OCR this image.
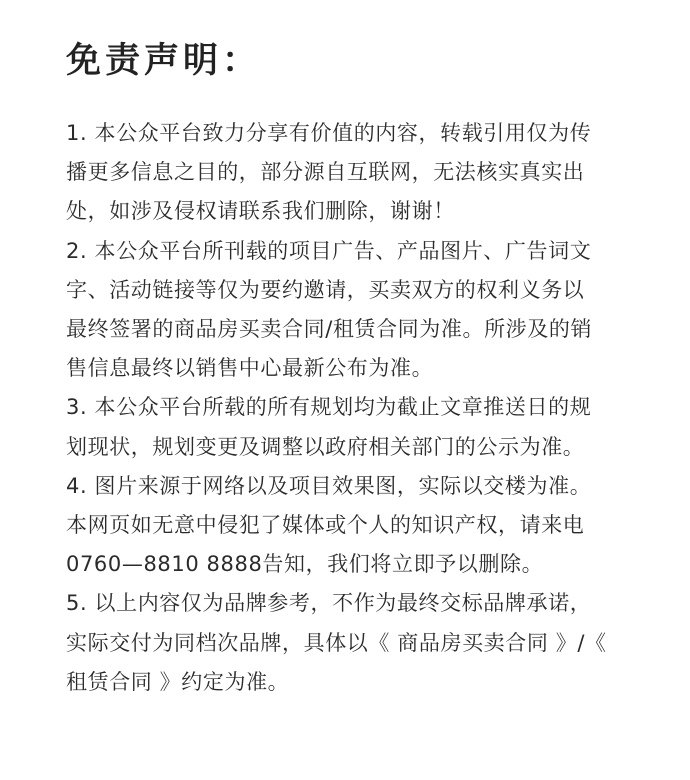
免责声明：

1. 本公众平台致力分享有价值的内容，转载引用仅为传
播更多信息之目的，部分源自互联网，无法核实真实出
处，如涉及侵权请联系我们删除，谢谢！

2. 本公众平台所刊载的项目广告、产品图片、广告词文
字、活动链接等仅为要约邀请，买卖双方的权利义务以
最终签署的商品房买卖合同/租赁合同为准。所涉及的销
售信息最终以销售中心最新公布为准。

3. 本公众平台所载的所有规划均为截止文章推送日的规
划现状，规划变更及调整以政府相关部门的公示为准。

4. 图片来源于网络以及项目效果图，实际以交楼为准。
本网页如无意中侵犯了媒体或个人的知识产权，请来电
0760—8810 8888告知，我们将立即予以删除。

5. 以上内容仅为品牌参考，不作为最终交标品牌承诺，
实际交付为同档次品牌，具体以《 商品房买卖合同 》/《
租赁合同 》约定为准。
